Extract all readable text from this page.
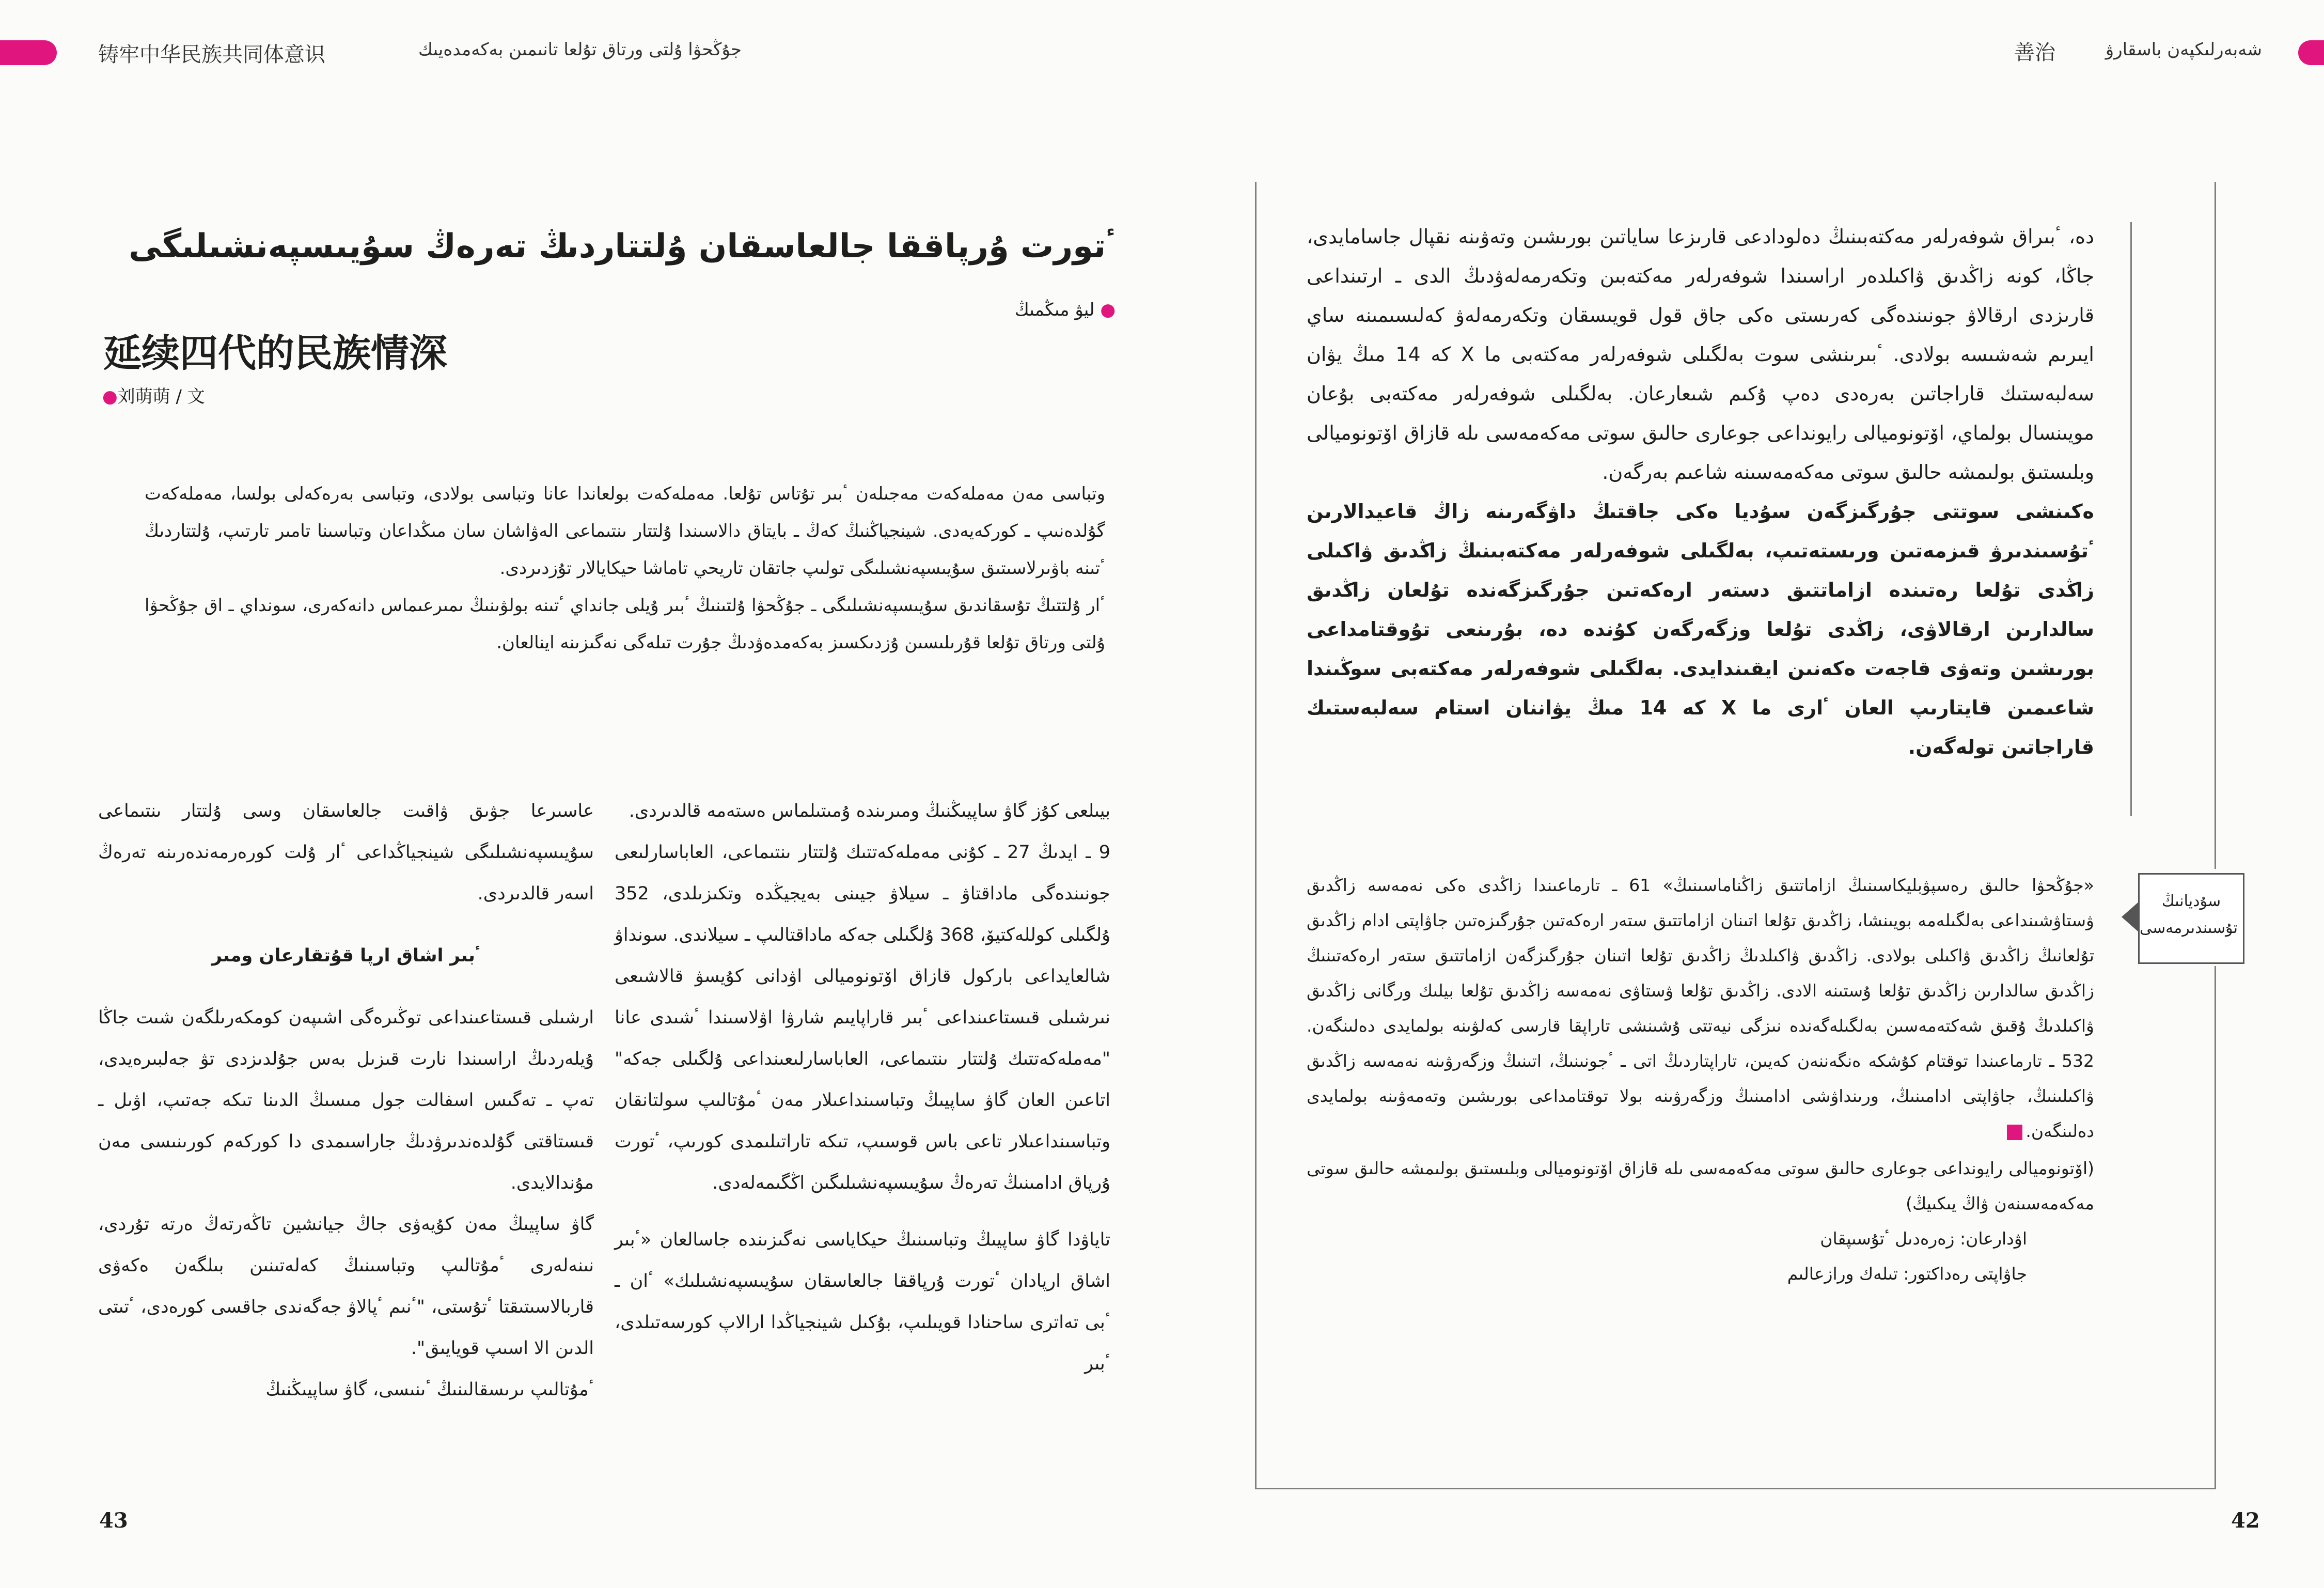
铸牢中华民族共同体意识	جۇڭحۋا ۇلتى ورتاق تۇلعا تانىمىن بەكەمدەيىك	شەبەرلىكپەن باسقارۋ
善治
ٴتورت ۇرپاققا جالعاسقان ۇلتتاردىڭ تەرەڭ سۇيىسپەنشىلىگى
● ليۋ مىڭمىڭ
延续四代的民族情深
●刘萌萌 / 文

وتباسى مەن مەملەكەت مەجىلەن ٴبىر تۇتاس تۇلعا. مەملەكەت بولعاندا عانا وتباسى بولادى، وتباسى بەرەكەلى بولسا، مەملەكەت گۇلدەنىپ ـ كوركەيەدى. شينجياڭنىڭ كەڭ ـ بايتاق دالاسىندا ۇلتتار ىنتىماعى الەۋاشان سان مىڭداعان وتباسىنا تامىر تارتىپ، ۇلتتاردىڭ ٴتىنە باۋىرلاسىتىق سۇيىسپەنشىلىگى تولىپ جاتقان تاريحي تاماشا حيكايالار تۇزدىردى.

ٴار ۇلتتىڭ تۇسقاندىق سۇيىسپەنشىلىگى ـ جۇڭحۋا ۇلتىنىڭ ٴبىر ۇيلى جانداي ٴتىنە بولۋىنىڭ ىمىرعىماس دانەكەرى، سونداي ـ اق جۇڭحۋا ۇلتى ورتاق تۇلعا قۇرىلىسىن ۇزدىكسىز بەكەمدەۋدىڭ جۇرت تىلەگى نەگىزىنە اينالعان.

بيىلعى كۇز گاۋ ساپيىڭنىڭ ومىرىندە ۇمىتىلماس ەستەمە قالدىردى.

9 ـ ايدىڭ 27 ـ كۇنى مەملەكەتتىك ۇلتتار ىنتىماعى، العاباسارلىعى جونىندەگى ماداقتاۋ ـ سيلاۋ جيىنى بەيجيڭدە وتكىزىلدى، 352 ۇلگىلى كوللەكتيۆ، 368 ۇلگىلى جەكە ماداقتالىپ ـ سيلاندى. سونداۋ شالعايداعى باركول قازاق اۆتونوميالى اۋدانى كۇيسۋ قالاشىعى نىرشىلى قىستاعىنداعى ٴبىر قاراپايىم شارۋا اۋلاسىندا ٴشىدى عانا "مەملەكەتتىك ۇلتتار ىنتىماعى، العاباسارلىعىنداعى ۇلگىلى جەكە" اتاعىن العان گاۋ ساپيىڭ وتباسىنداعىلار مەن ٴمۇتالىپ سولتانقان وتباسىنداعىلار تاعى باس قوسىپ، تىكە تاراتىلىمدى كورىپ، ٴتورت ۇرپاق ادامىنىڭ تەرەڭ سۇيىسپەنشىلىگىن اڭگىمەلەدى.

تاياۋدا گاۋ ساپيىڭ وتباسىنىڭ حيكاياسى نەگىزىندە جاسالعان «ٴبىر اشاق ارپادان ٴتورت ۇرپاققا جالعاسقان سۇيىسپەنشىلىك» ٴان ـ ٴبى تەاترى ساحنادا قويىلىپ، بۇكىل شينجياڭدا ارالاپ كورسەتىلدى، ٴبىر

عاسىرعا جۋىق ۋاقىت جالعاسقان وسى ۇلتتار ىنتىماعى سۇيىسپەنشىلىگى شينجياڭداعى ٴار ۇلت كورەرمەندەرىنە تەرەڭ اسەر قالدىردى.

ٴبىر اشاق ارپا قۇتقارعان ومىر

ارشىلى قىستاعىنداعى توڭىرەگى اشىپەن كومكەرىلگەن شىت جاڭا ۇيلەردىڭ اراسىندا نارت قىزىل بەس جۇلدىزدى تۋ جەلبىرەيدى، تەپ ـ تەگىس اسفالت جول مىسىڭ الدىنا تىكە جەتىپ، اۋىل ـ قىستاقتى گۇلدەندىرۋدىڭ جاراسىمدى دا كوركەم كورىنىسى مەن مۇندالايدى.

گاۋ ساپيىڭ مەن كۇيەۋى جاڭ جيانشين تاڭەرتەڭ ەرتە تۇردى، نىنەلەرى ٴمۇتالىپ وتباسىنىڭ كەلەتىنىن بىلگەن ەكەۋى قاربالاسىتىقتا ٴتۇستى، "ٴنىم ٴپالاۋ جەگەندى جاقسى كورەدى، ٴتىتى الدىن الا اسىپ قويايىق".

ٴمۇتالىپ ىرىسقالىنىڭ ٴىنىسى، گاۋ ساپيىڭنىڭ

43

دە، ٴبىراق شوفەرلەر مەكتەبىنىڭ دەلودادعى قارىزعا ساياتىن بورىشىن وتەۋىنە نقپال جاسامايدى، جاڭا، كونە زاڭدىق ۋاكىلدەر اراسىندا شوفەرلەر مەكتەبىن وتكەرمەلەۋدىڭ الدى ـ ارتىنداعى قارىزدى ارقالاۋ جونىندەگى كەرىستى ەكى جاق قول قويىسقان وتكەرمەلەۋ كەلىسىمىنە ساي ايىرىم شەشىسە بولادى. ٴبىرىنشى سوت بەلگىلى شوفەرلەر مەكتەبى ما X كە 14 مىڭ يۋان سەلبەستىك قاراجاتىن بەرەدى دەپ ۇكىم شىعارعان. بەلگىلى شوفەرلەر مەكتەبى بۇعان مويىنسال بولماي، اۆتونوميالى رايونداعى جوعارى حالىق سوتى مەكەمەسى ىلە قازاق اۆتونوميالى وبلىستىق بولىمشە حالىق سوتى مەكەمەسىنە شاعىم بەرگەن.

ەكىنشى سوتتى جۇرگىزگەن سۇديا ەكى جاقتىڭ داۋگەرىنە زاڭ قاعيدالارىن ٴتۇسىندىرۋ قىزمەتىن ورىستەتىپ، بەلگىلى شوفەرلەر مەكتەبىنىڭ زاڭدىق ۋاكىلى زاڭدى تۇلعا رەتىندە ازاماتتىق دستەر ارەكەتىن جۇرگىزگەندە تۇلعان زاڭدىق سالدارىن ارقالاۋى، زاڭدى تۇلعا وزگەرگەن كۇندە دە، بۇرىنعى تۇوقتامداعى بورىشىن وتەۋى قاجەت ەكەنىن ايقىندايدى. بەلگىلى شوفەرلەر مەكتەبى سوڭىندا شاعىمىن قايتارىپ العان ٴارى ما X كە 14 مىڭ يۋاننان استام سەلبەستىك قاراجاتىن تولەگەن.

سۇديانىڭ تۇسىندىرمەسى

«جۇڭحۋا حالىق رەسپۋبليكاسىنىڭ ازاماتتىق زاڭناماسىنىڭ» 61 ـ تارماعىندا زاڭدى ەكى نەمەسە زاڭدىق ۋستاۋشىنداعى بەلگىلەمە بويىنشا، زاڭدىق تۇلعا اتىنان ازاماتتىق ستەر ارەكەتىن جۇرگىزەتىن جاۋاپتى ادام زاڭدىق تۇلعانىڭ زاڭدىق ۋاكىلى بولادى. زاڭدىق ۋاكىلدىڭ زاڭدىق تۇلعا اتىنان جۇرگىزگەن ازاماتتىق ستەر ارەكەتىنىڭ زاڭدىق سالدارىن زاڭدىق تۇلعا ۇستىنە الادى. زاڭدىق تۇلعا ۋستاۋى نەمەسە زاڭدىق تۇلعا بيلىك ورگانى زاڭدىق ۋاكىلدىڭ ۇقىق شەكتەمەسىن بەلگىلەگەندە نىزگى نيەتتى ۇشىنشى تاراپقا قارسى كەلۋىنە بولمايدى دەلىنگەن. 532 ـ تارماعىندا توقتام كۇشكە ەنگەننەن كەيىن، تاراپتاردىڭ اتى ـ ٴجونىنىڭ، اتىنىڭ وزگەرۋىنە نەمەسە زاڭدىق ۋاكىلىنىڭ، جاۋاپتى ادامىنىڭ، ورىنداۋشى ادامىنىڭ وزگەرۋىنە بولا توقتامداعى بورىشىن وتەمەۋىنە بولمايدى دەلىنگەن.

(اۆتونوميالى رايونداعى جوعارى حالىق سوتى مەكەمەسى ىلە قازاق اۆتونوميالى وبلىستىق بولىمشە حالىق سوتى مەكەمەسىنەن ۋاڭ يىكىيڭ)

اۋدارعان: زەرەدىل ٴتۇسىپقان

جاۋاپتى رەداكتور: تىلەك ورازعالىم

42
